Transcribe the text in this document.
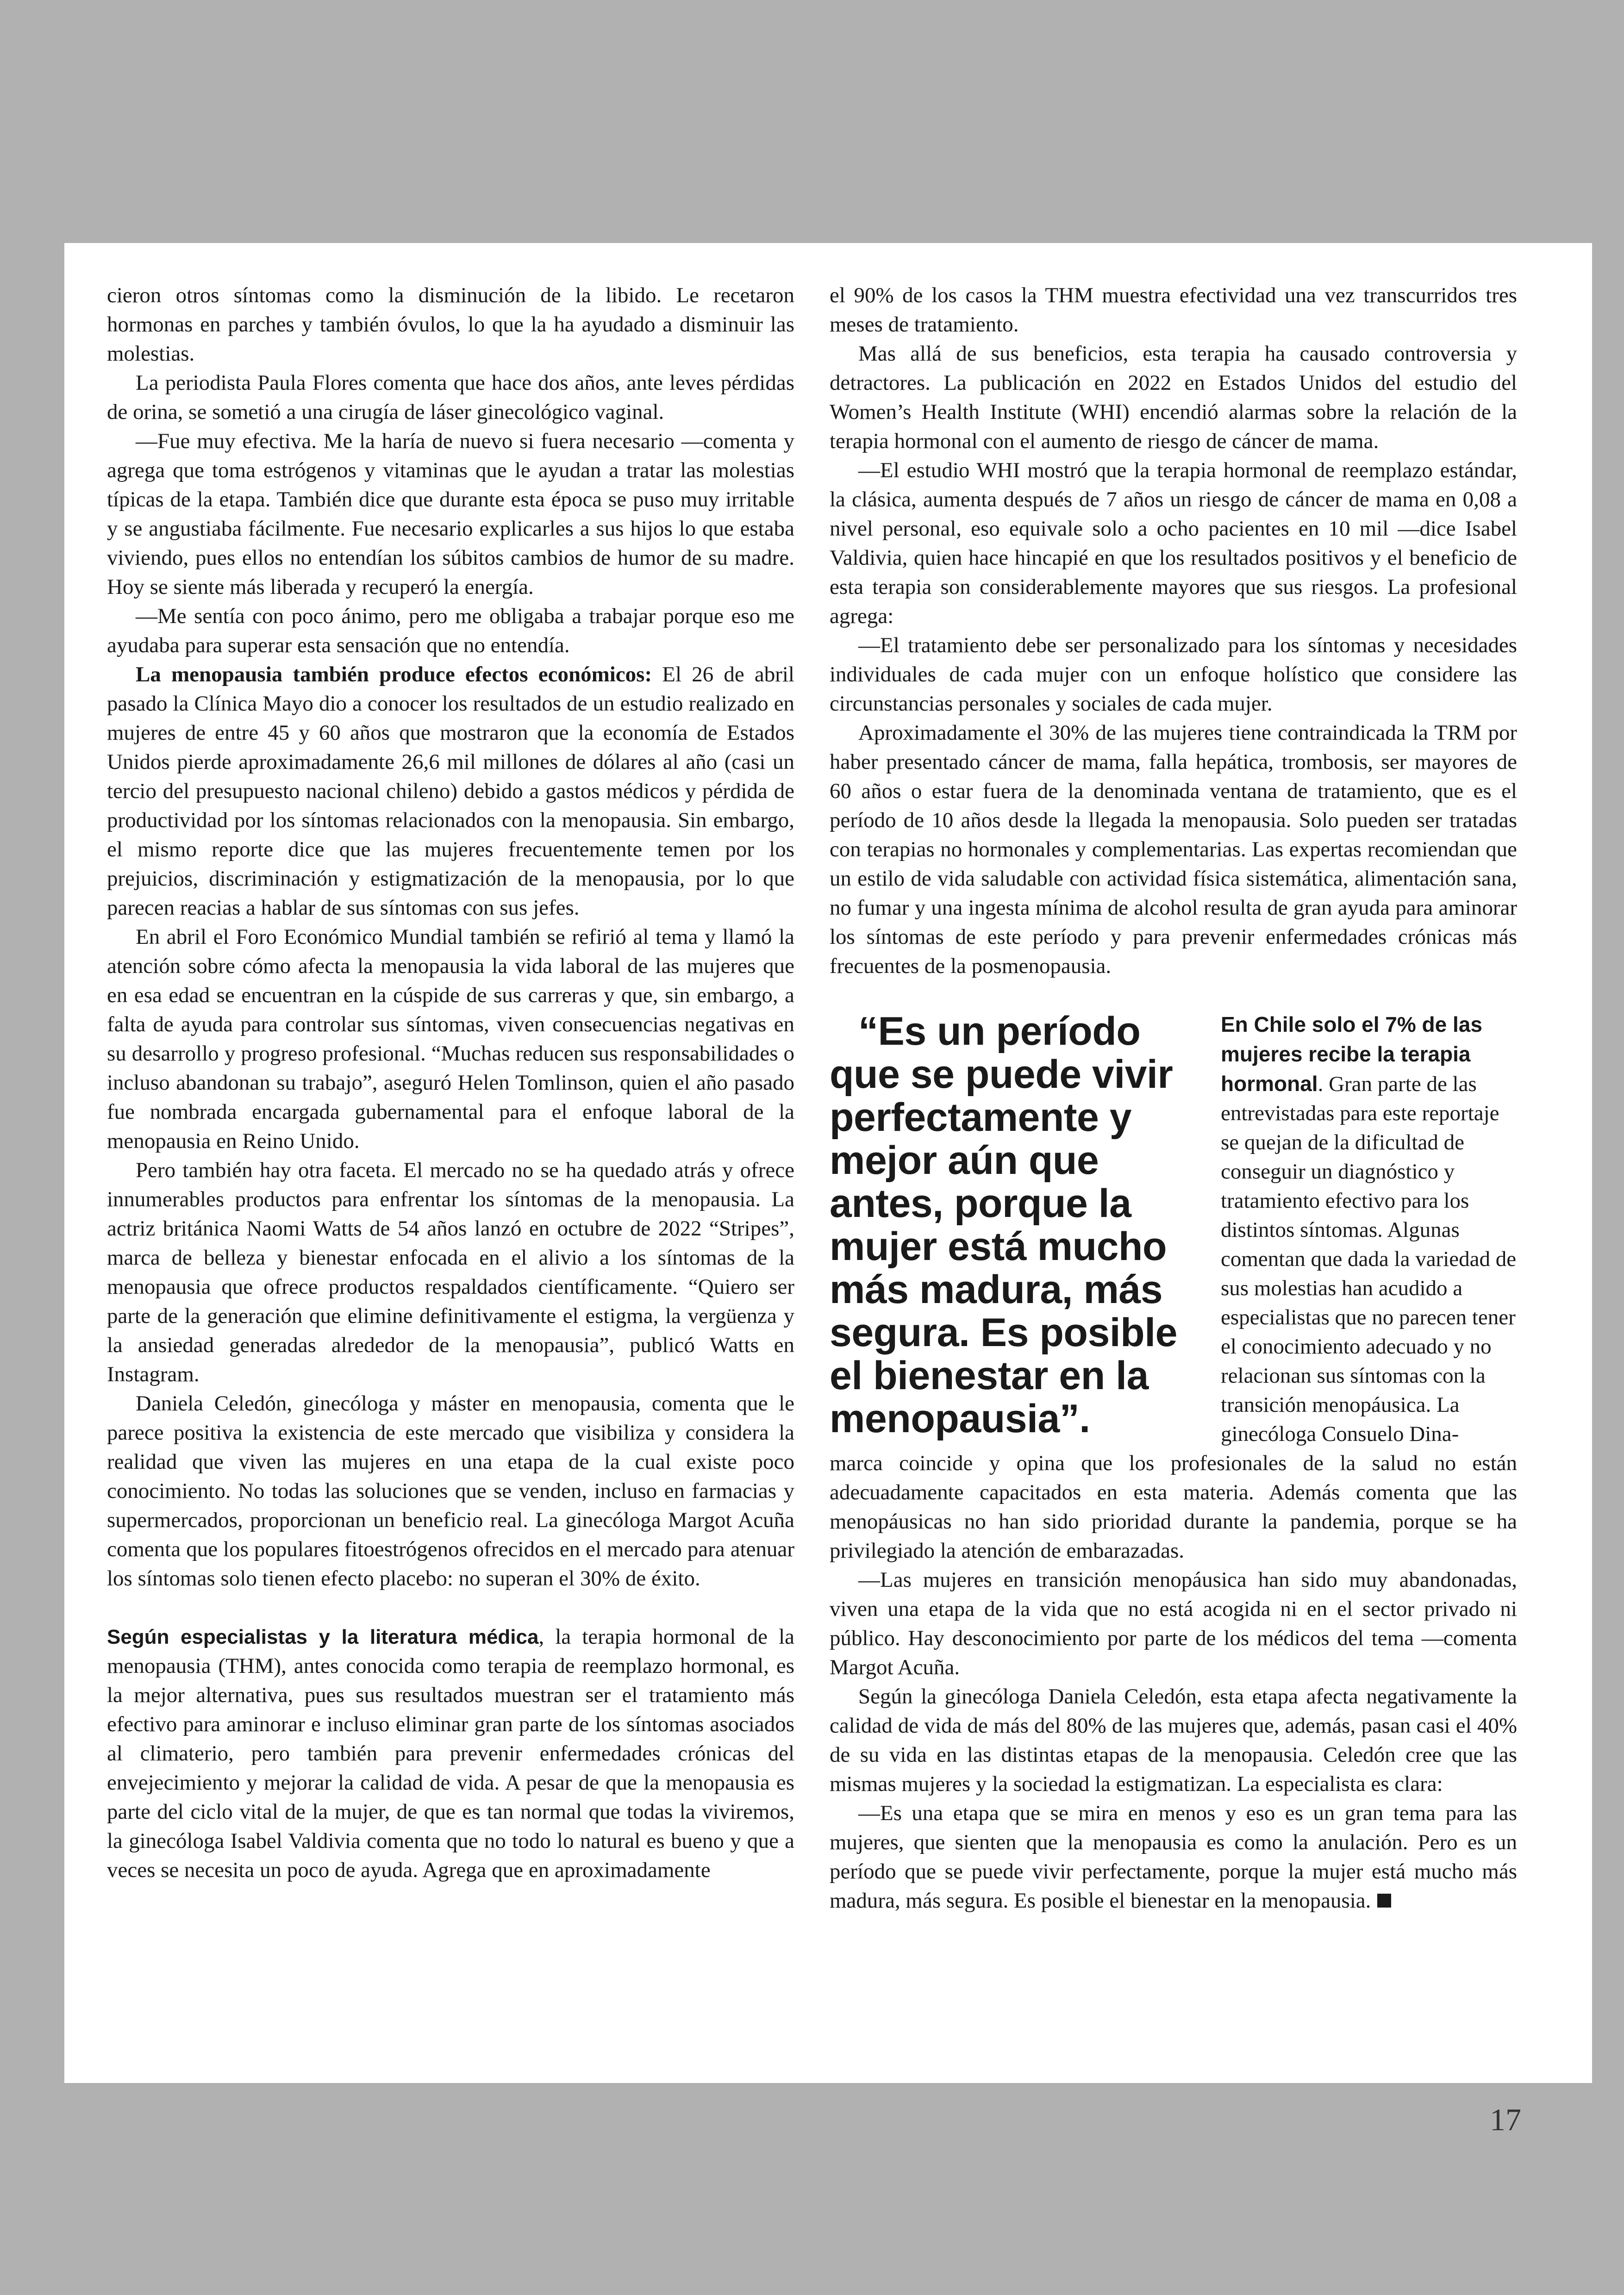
cieron otros síntomas como la disminución de la libido. Le recetaron hormonas en parches y también óvulos, lo que la ha ayudado a disminuir las molestias.

La periodista Paula Flores comenta que hace dos años, ante leves pérdidas de orina, se sometió a una cirugía de láser ginecológico vaginal.

—Fue muy efectiva. Me la haría de nuevo si fuera necesario —comenta y agrega que toma estrógenos y vitaminas que le ayudan a tratar las molestias típicas de la etapa. También dice que durante esta época se puso muy irritable y se angustiaba fácilmente. Fue necesario explicarles a sus hijos lo que estaba viviendo, pues ellos no entendían los súbitos cambios de humor de su madre. Hoy se siente más liberada y recuperó la energía.

—Me sentía con poco ánimo, pero me obligaba a trabajar porque eso me ayudaba para superar esta sensación que no entendía.

La menopausia también produce efectos económicos: El 26 de abril pasado la Clínica Mayo dio a conocer los resultados de un estudio realizado en mujeres de entre 45 y 60 años que mostraron que la economía de Estados Unidos pierde aproximadamente 26,6 mil millones de dólares al año (casi un tercio del presupuesto nacional chileno) debido a gastos médicos y pérdida de productividad por los síntomas relacionados con la menopausia. Sin embargo, el mismo reporte dice que las mujeres frecuentemente temen por los prejuicios, discriminación y estigmatización de la menopausia, por lo que parecen reacias a hablar de sus síntomas con sus jefes.

En abril el Foro Económico Mundial también se refirió al tema y llamó la atención sobre cómo afecta la menopausia la vida laboral de las mujeres que en esa edad se encuentran en la cúspide de sus carreras y que, sin embargo, a falta de ayuda para controlar sus síntomas, viven consecuencias negativas en su desarrollo y progreso profesional. “Muchas reducen sus responsabilidades o incluso abandonan su trabajo”, aseguró Helen Tomlinson, quien el año pasado fue nombrada encargada gubernamental para el enfoque laboral de la menopausia en Reino Unido.

Pero también hay otra faceta. El mercado no se ha quedado atrás y ofrece innumerables productos para enfrentar los síntomas de la menopausia. La actriz británica Naomi Watts de 54 años lanzó en octubre de 2022 “Stripes”, marca de belleza y bienestar enfocada en el alivio a los síntomas de la menopausia que ofrece productos respaldados científicamente. “Quiero ser parte de la generación que elimine definitivamente el estigma, la vergüenza y la ansiedad generadas alrededor de la menopausia”, publicó Watts en Instagram.

Daniela Celedón, ginecóloga y máster en menopausia, comenta que le parece positiva la existencia de este mercado que visibiliza y considera la realidad que viven las mujeres en una etapa de la cual existe poco conocimiento. No todas las soluciones que se venden, incluso en farmacias y supermercados, proporcionan un beneficio real. La ginecóloga Margot Acuña comenta que los populares fitoestrógenos ofrecidos en el mercado para atenuar los síntomas solo tienen efecto placebo: no superan el 30% de éxito.

Según especialistas y la literatura médica, la terapia hormonal de la menopausia (THM), antes conocida como terapia de reemplazo hormonal, es la mejor alternativa, pues sus resultados muestran ser el tratamiento más efectivo para aminorar e incluso eliminar gran parte de los síntomas asociados al climaterio, pero también para prevenir enfermedades crónicas del envejecimiento y mejorar la calidad de vida. A pesar de que la menopausia es parte del ciclo vital de la mujer, de que es tan normal que todas la viviremos, la ginecóloga Isabel Valdivia comenta que no todo lo natural es bueno y que a veces se necesita un poco de ayuda. Agrega que en aproximadamente

el 90% de los casos la THM muestra efectividad una vez transcurridos tres meses de tratamiento.

Mas allá de sus beneficios, esta terapia ha causado controversia y detractores. La publicación en 2022 en Estados Unidos del estudio del Women’s Health Institute (WHI) encendió alarmas sobre la relación de la terapia hormonal con el aumento de riesgo de cáncer de mama.

—El estudio WHI mostró que la terapia hormonal de reemplazo estándar, la clásica, aumenta después de 7 años un riesgo de cáncer de mama en 0,08 a nivel personal, eso equivale solo a ocho pacientes en 10 mil —dice Isabel Valdivia, quien hace hincapié en que los resultados positivos y el beneficio de esta terapia son considerablemente mayores que sus riesgos. La profesional agrega:

—El tratamiento debe ser personalizado para los síntomas y necesidades individuales de cada mujer con un enfoque holístico que considere las circunstancias personales y sociales de cada mujer.

Aproximadamente el 30% de las mujeres tiene contraindicada la TRM por haber presentado cáncer de mama, falla hepática, trombosis, ser mayores de 60 años o estar fuera de la denominada ventana de tratamiento, que es el período de 10 años desde la llegada la menopausia. Solo pueden ser tratadas con terapias no hormonales y complementarias. Las expertas recomiendan que un estilo de vida saludable con actividad física sistemática, alimentación sana, no fumar y una ingesta mínima de alcohol resulta de gran ayuda para aminorar los síntomas de este período y para prevenir enfermedades crónicas más frecuentes de la posmenopausia.

“Es un período que se puede vivir perfectamente y mejor aún que antes, porque la mujer está mucho más madura, más segura. Es posible el bienestar en la menopausia”.

En Chile solo el 7% de las mujeres recibe la terapia hormonal. Gran parte de las entrevistadas para este reportaje se quejan de la dificultad de conseguir un diagnóstico y tratamiento efectivo para los distintos síntomas. Algunas comentan que dada la variedad de sus molestias han acudido a especialistas que no parecen tener el conocimiento adecuado y no relacionan sus síntomas con la transición menopáusica. La ginecóloga Consuelo Dina-

marca coincide y opina que los profesionales de la salud no están adecuadamente capacitados en esta materia. Además comenta que las menopáusicas no han sido prioridad durante la pandemia, porque se ha privilegiado la atención de embarazadas.

—Las mujeres en transición menopáusica han sido muy abandonadas, viven una etapa de la vida que no está acogida ni en el sector privado ni público. Hay desconocimiento por parte de los médicos del tema —comenta Margot Acuña.

Según la ginecóloga Daniela Celedón, esta etapa afecta negativamente la calidad de vida de más del 80% de las mujeres que, además, pasan casi el 40% de su vida en las distintas etapas de la menopausia. Celedón cree que las mismas mujeres y la sociedad la estigmatizan. La especialista es clara:

—Es una etapa que se mira en menos y eso es un gran tema para las mujeres, que sienten que la menopausia es como la anulación. Pero es un período que se puede vivir perfectamente, porque la mujer está mucho más madura, más segura. Es posible el bienestar en la menopausia.

17
